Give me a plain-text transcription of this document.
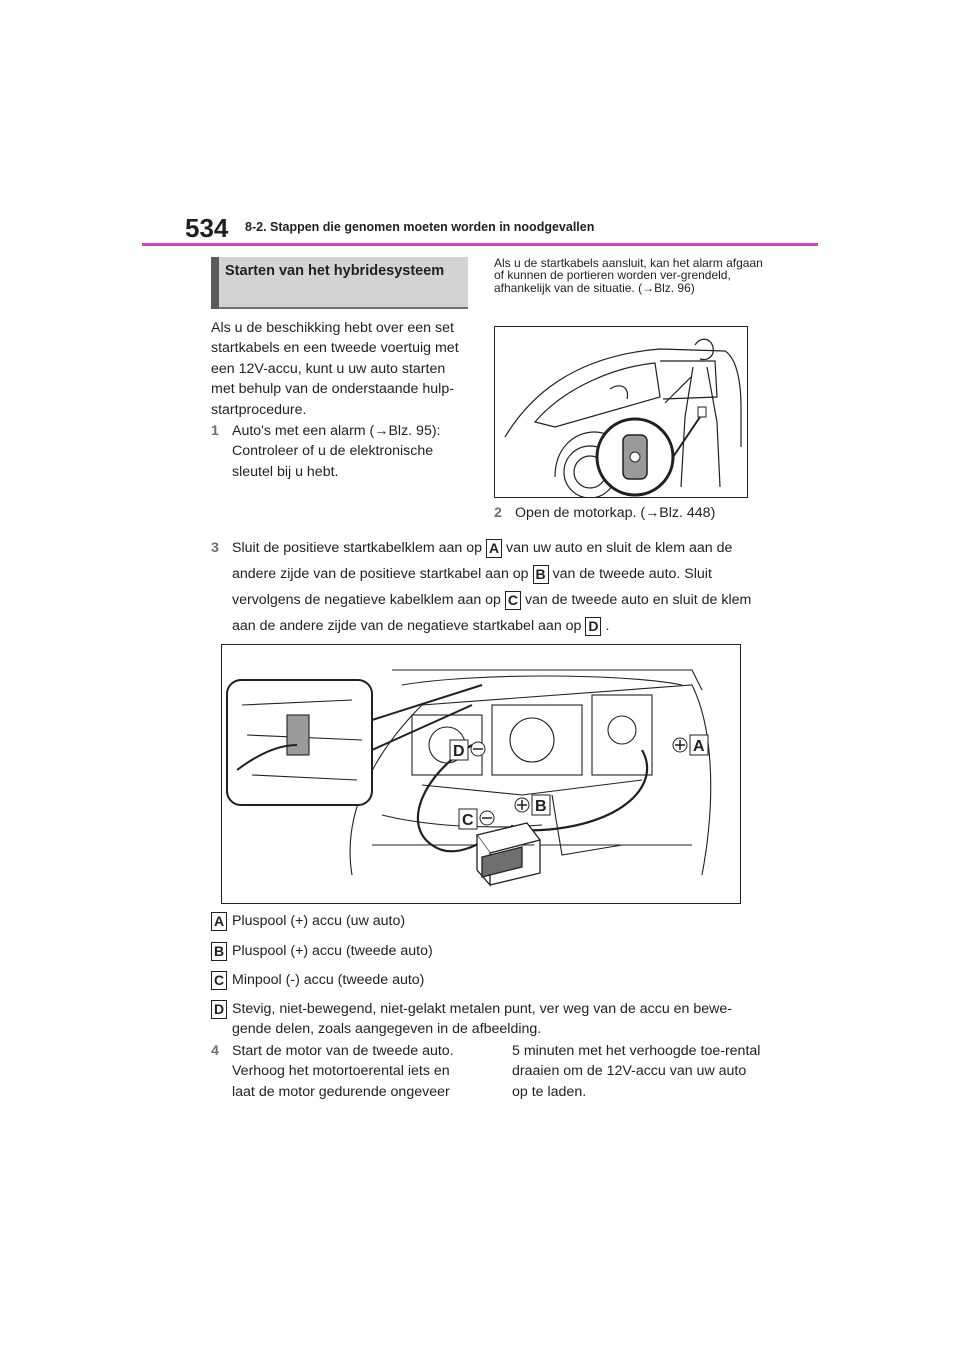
534 8-2. Stappen die genomen moeten worden in noodgevallen
Starten van het hybridesysteem
Als u de beschikking hebt over een set startkabels en een tweede voertuig met een 12V-accu, kunt u uw auto starten met behulp van de onderstaande hulp-startprocedure.
1 Auto's met een alarm (→Blz. 95): Controleer of u de elektronische sleutel bij u hebt.
Als u de startkabels aansluit, kan het alarm afgaan of kunnen de portieren worden ver-grendeld, afhankelijk van de situatie. (→Blz. 96)
2 Open de motorkap. (→Blz. 448)
3 Sluit de positieve startkabelklem aan op A van uw auto en sluit de klem aan de andere zijde van de positieve startkabel aan op B van de tweede auto. Sluit vervolgens de negatieve kabelklem aan op C van de tweede auto en sluit de klem aan de andere zijde van de negatieve startkabel aan op D .
D	A
B
C
A Pluspool (+) accu (uw auto)
B Pluspool (+) accu (tweede auto)
C Minpool (-) accu (tweede auto)
D Stevig, niet-bewegend, niet-gelakt metalen punt, ver weg van de accu en bewe-gende delen, zoals aangegeven in de afbeelding.
4 Start de motor van de tweede auto. Verhoog het motortoerental iets en laat de motor gedurende ongeveer
5 minuten met het verhoogde toe-rental draaien om de 12V-accu van uw auto op te laden.
